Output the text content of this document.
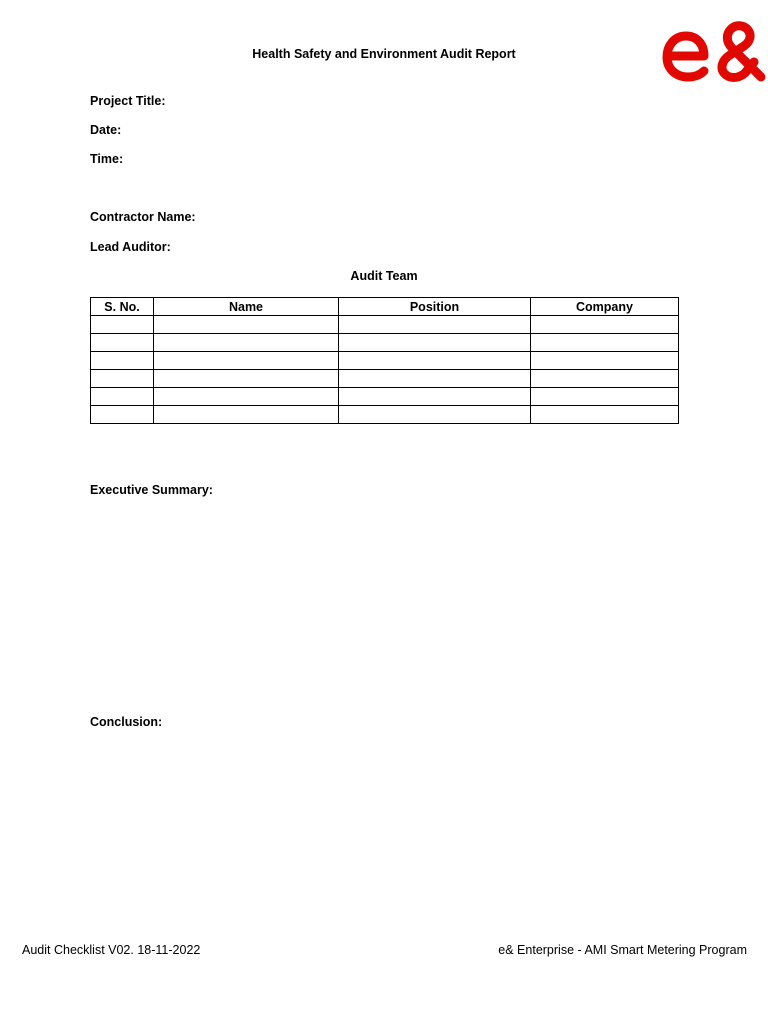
Health Safety and Environment Audit Report
Project Title:
Date:
Time:
Contractor Name:
Lead Auditor:
Audit Team
S. No.	Name	Position	Company

Executive Summary:
Conclusion:
Audit Checklist V02. 18-11-2022	e& Enterprise - AMI Smart Metering Program
